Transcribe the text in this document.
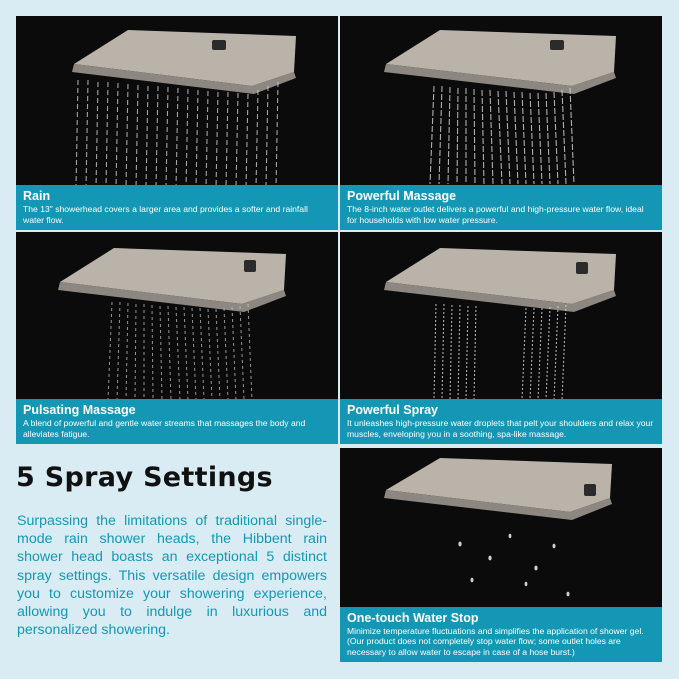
Rain
The 13" showerhead covers a larger area and provides a softer and rainfall water flow.
Powerful Massage
The 8-inch water outlet delivers a powerful and high-pressure water flow, ideal for households with low water pressure.
Pulsating Massage
A blend of powerful and gentle water streams that massages the body and alleviates fatigue.
Powerful Spray
It unleashes high-pressure water droplets that pelt your shoulders and relax your muscles, enveloping you in a soothing, spa-like massage.
5 Spray Settings

Surpassing the limitations of traditional single-mode rain shower heads, the Hibbent rain shower head boasts an exceptional 5 distinct spray settings. This versatile design empowers you to customize your showering experience, allowing you to indulge in luxurious and personalized showering.

One-touch Water Stop
Minimize temperature fluctuations and simplifies the application of shower gel. (Our product does not completely stop water flow; some outlet holes are necessary to allow water to escape in case of a hose burst.)
